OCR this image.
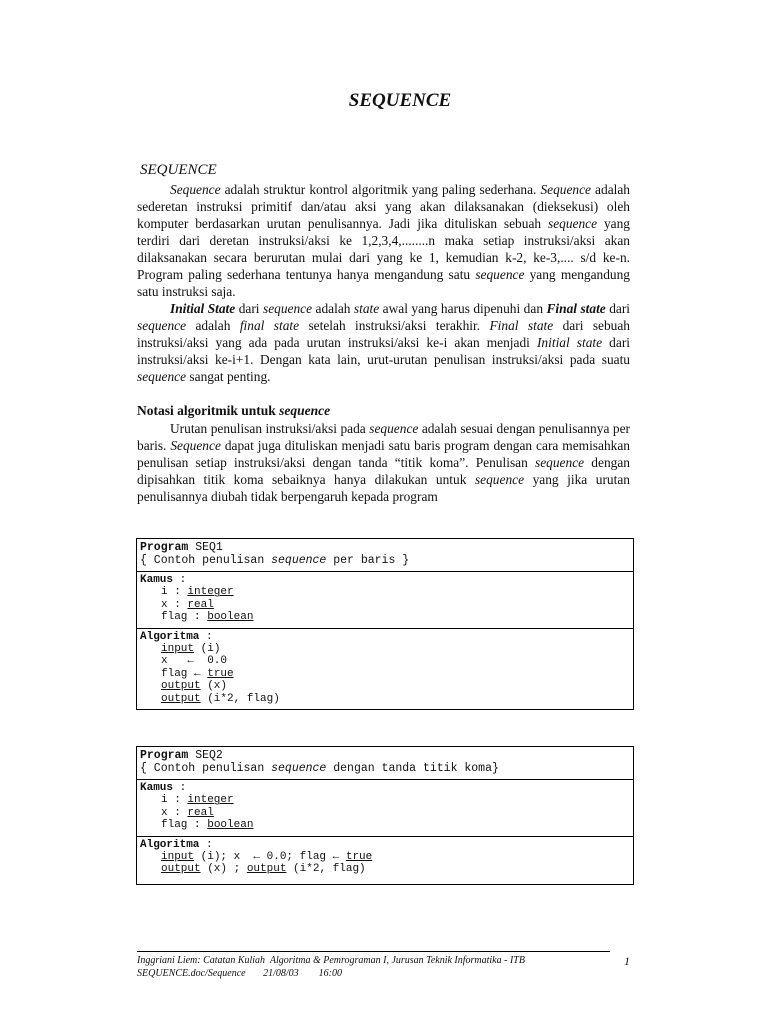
SEQUENCE
SEQUENCE

Sequence adalah struktur kontrol algoritmik yang paling sederhana. Sequence adalah sederetan instruksi primitif dan/atau aksi yang akan dilaksanakan (dieksekusi) oleh komputer berdasarkan urutan penulisannya. Jadi jika dituliskan sebuah sequence yang terdiri dari deretan instruksi/aksi ke 1,2,3,4,........n maka setiap instruksi/aksi akan dilaksanakan secara berurutan mulai dari yang ke 1, kemudian k-2, ke-3,.... s/d ke-n. Program paling sederhana tentunya hanya mengandung satu sequence yang mengandung satu instruksi saja.

Initial State dari sequence adalah state awal yang harus dipenuhi dan Final state dari sequence adalah final state setelah instruksi/aksi terakhir. Final state dari sebuah instruksi/aksi yang ada pada urutan instruksi/aksi ke-i akan menjadi Initial state dari instruksi/aksi ke-i+1. Dengan kata lain, urut-urutan penulisan instruksi/aksi pada suatu sequence sangat penting.

Notasi algoritmik untuk sequence

Urutan penulisan instruksi/aksi pada sequence adalah sesuai dengan penulisannya per baris. Sequence dapat juga dituliskan menjadi satu baris program dengan cara memisahkan penulisan setiap instruksi/aksi dengan tanda “titik koma”. Penulisan sequence dengan dipisahkan titik koma sebaiknya hanya dilakukan untuk sequence yang jika urutan penulisannya diubah tidak berpengaruh kepada program

Program SEQ1
{ Contoh penulisan sequence per baris }
Kamus :
i : integer
x : real
flag : boolean
Algoritma :
input (i)
x   ←  0.0
flag ← true
output (x)
output (i*2, flag)
Program SEQ2
{ Contoh penulisan sequence dengan tanda titik koma}
Kamus :
i : integer
x : real
flag : boolean
Algoritma :
input (i); x  ← 0.0; flag ← true
output (x) ; output (i*2, flag)
Inggriani Liem: Catatan Kuliah  Algoritma & Pemrograman I, Jurusan Teknik Informatika - ITB
SEQUENCE.doc/Sequence       21/08/03        16:00
1
